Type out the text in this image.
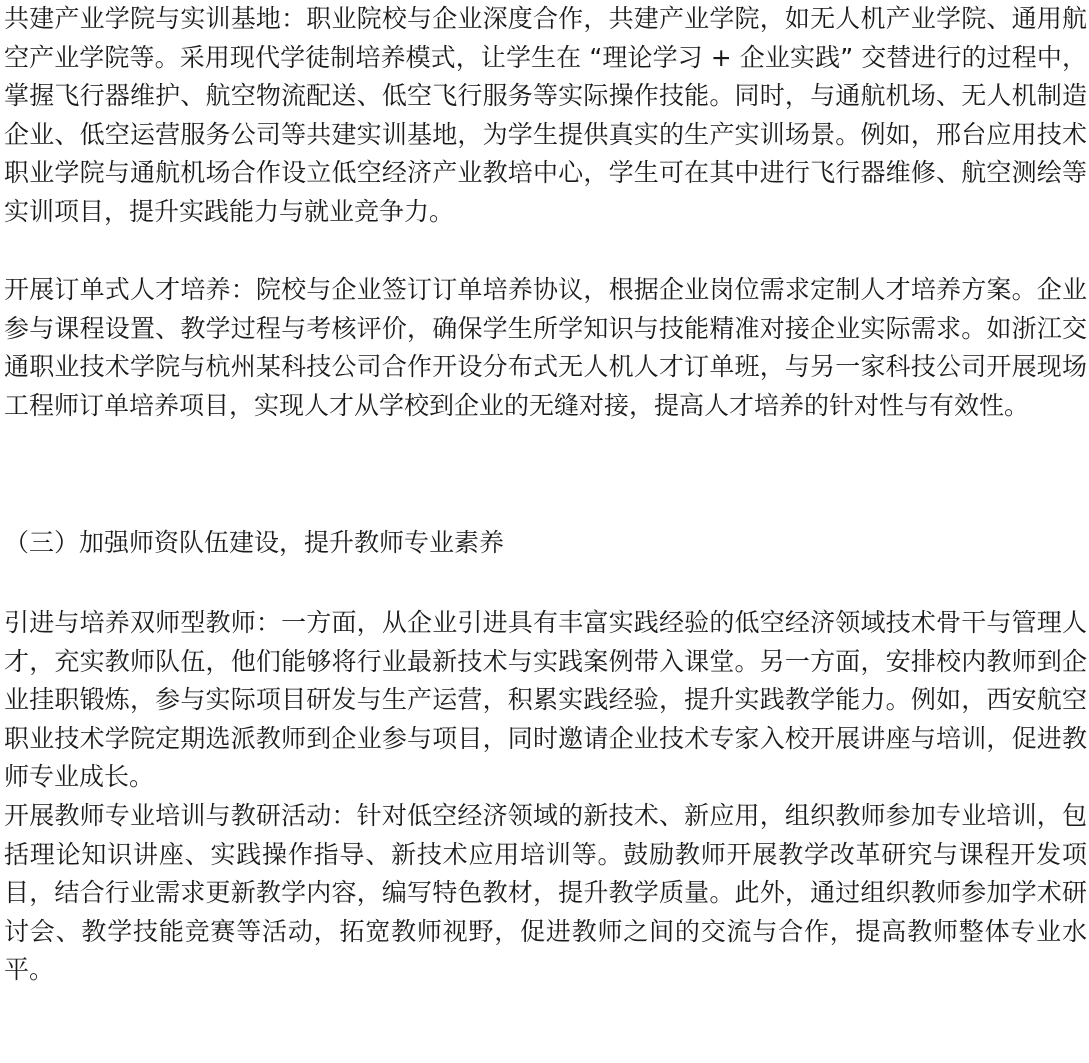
共建产业学院与实训基地：职业院校与企业深度合作，共建产业学院，如无人机产业学院、通用航空产业学院等。采用现代学徒制培养模式，让学生在 “理论学习 + 企业实践” 交替进行的过程中，掌握飞行器维护、航空物流配送、低空飞行服务等实际操作技能。同时，与通航机场、无人机制造企业、低空运营服务公司等共建实训基地，为学生提供真实的生产实训场景。例如，邢台应用技术职业学院与通航机场合作设立低空经济产业教培中心，学生可在其中进行飞行器维修、航空测绘等实训项目，提升实践能力与就业竞争力。

开展订单式人才培养：院校与企业签订订单培养协议，根据企业岗位需求定制人才培养方案。企业参与课程设置、教学过程与考核评价，确保学生所学知识与技能精准对接企业实际需求。如浙江交通职业技术学院与杭州某科技公司合作开设分布式无人机人才订单班，与另一家科技公司开展现场工程师订单培养项目，实现人才从学校到企业的无缝对接，提高人才培养的针对性与有效性。

（三）加强师资队伍建设，提升教师专业素养

引进与培养双师型教师：一方面，从企业引进具有丰富实践经验的低空经济领域技术骨干与管理人才，充实教师队伍，他们能够将行业最新技术与实践案例带入课堂。另一方面，安排校内教师到企业挂职锻炼，参与实际项目研发与生产运营，积累实践经验，提升实践教学能力。例如，西安航空职业技术学院定期选派教师到企业参与项目，同时邀请企业技术专家入校开展讲座与培训，促进教师专业成长。

开展教师专业培训与教研活动：针对低空经济领域的新技术、新应用，组织教师参加专业培训，包括理论知识讲座、实践操作指导、新技术应用培训等。鼓励教师开展教学改革研究与课程开发项目，结合行业需求更新教学内容，编写特色教材，提升教学质量。此外，通过组织教师参加学术研讨会、教学技能竞赛等活动，拓宽教师视野，促进教师之间的交流与合作，提高教师整体专业水平。
